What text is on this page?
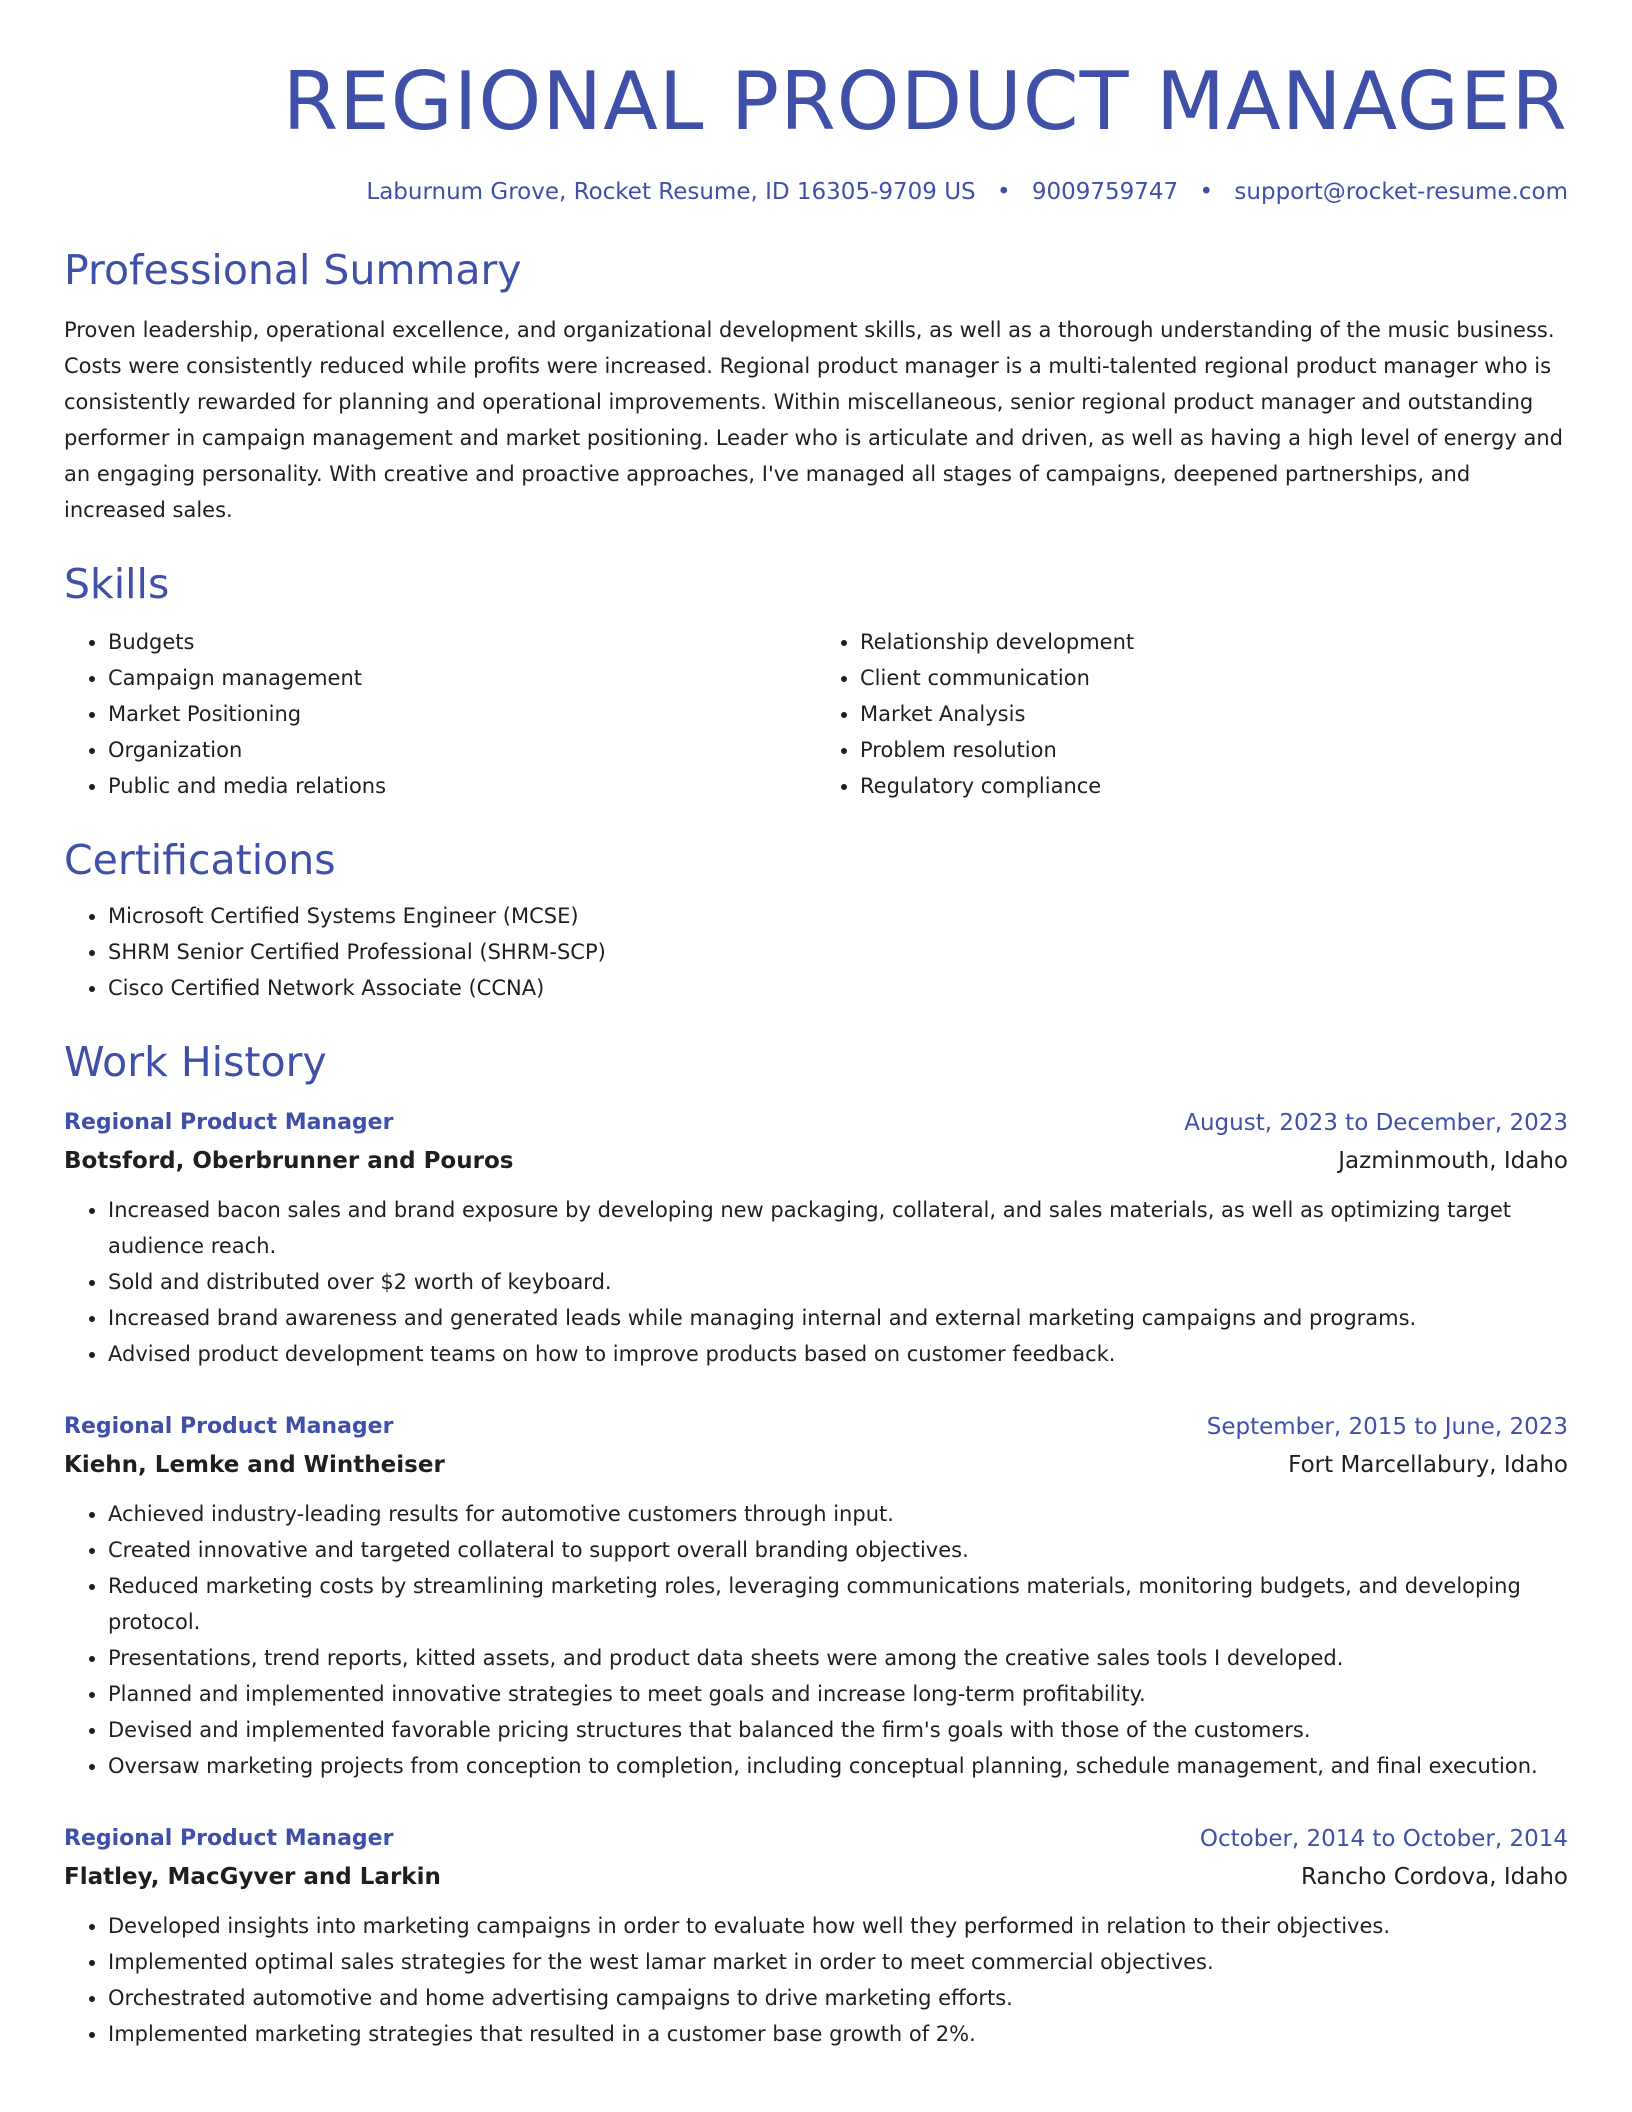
REGIONAL PRODUCT MANAGER
Laburnum Grove, Rocket Resume, ID 16305-9709 US • 9009759747 • support@rocket-resume.com
Professional Summary

Proven leadership, operational excellence, and organizational development skills, as well as a thorough understanding of the music business. Costs were consistently reduced while profits were increased. Regional product manager is a multi-talented regional product manager who is consistently rewarded for planning and operational improvements. Within miscellaneous, senior regional product manager and outstanding performer in campaign management and market positioning. Leader who is articulate and driven, as well as having a high level of energy and an engaging personality. With creative and proactive approaches, I've managed all stages of campaigns, deepened partnerships, and increased sales.

Skills
• Budgets
• Campaign management
• Market Positioning
• Organization
• Public and media relations
• Relationship development
• Client communication
• Market Analysis
• Problem resolution
• Regulatory compliance
Certifications
• Microsoft Certified Systems Engineer (MCSE)
• SHRM Senior Certified Professional (SHRM-SCP)
• Cisco Certified Network Associate (CCNA)
Work History
Regional Product Manager	August, 2023 to December, 2023
Botsford, Oberbrunner and Pouros	Jazminmouth, Idaho
• Increased bacon sales and brand exposure by developing new packaging, collateral, and sales materials, as well as optimizing target audience reach.
• Sold and distributed over $2 worth of keyboard.
• Increased brand awareness and generated leads while managing internal and external marketing campaigns and programs.
• Advised product development teams on how to improve products based on customer feedback.
Regional Product Manager	September, 2015 to June, 2023
Kiehn, Lemke and Wintheiser	Fort Marcellabury, Idaho
• Achieved industry-leading results for automotive customers through input.
• Created innovative and targeted collateral to support overall branding objectives.
• Reduced marketing costs by streamlining marketing roles, leveraging communications materials, monitoring budgets, and developing protocol.
• Presentations, trend reports, kitted assets, and product data sheets were among the creative sales tools I developed.
• Planned and implemented innovative strategies to meet goals and increase long-term profitability.
• Devised and implemented favorable pricing structures that balanced the firm's goals with those of the customers.
• Oversaw marketing projects from conception to completion, including conceptual planning, schedule management, and final execution.
Regional Product Manager	October, 2014 to October, 2014
Flatley, MacGyver and Larkin	Rancho Cordova, Idaho
• Developed insights into marketing campaigns in order to evaluate how well they performed in relation to their objectives.
• Implemented optimal sales strategies for the west lamar market in order to meet commercial objectives.
• Orchestrated automotive and home advertising campaigns to drive marketing efforts.
• Implemented marketing strategies that resulted in a customer base growth of 2%.
